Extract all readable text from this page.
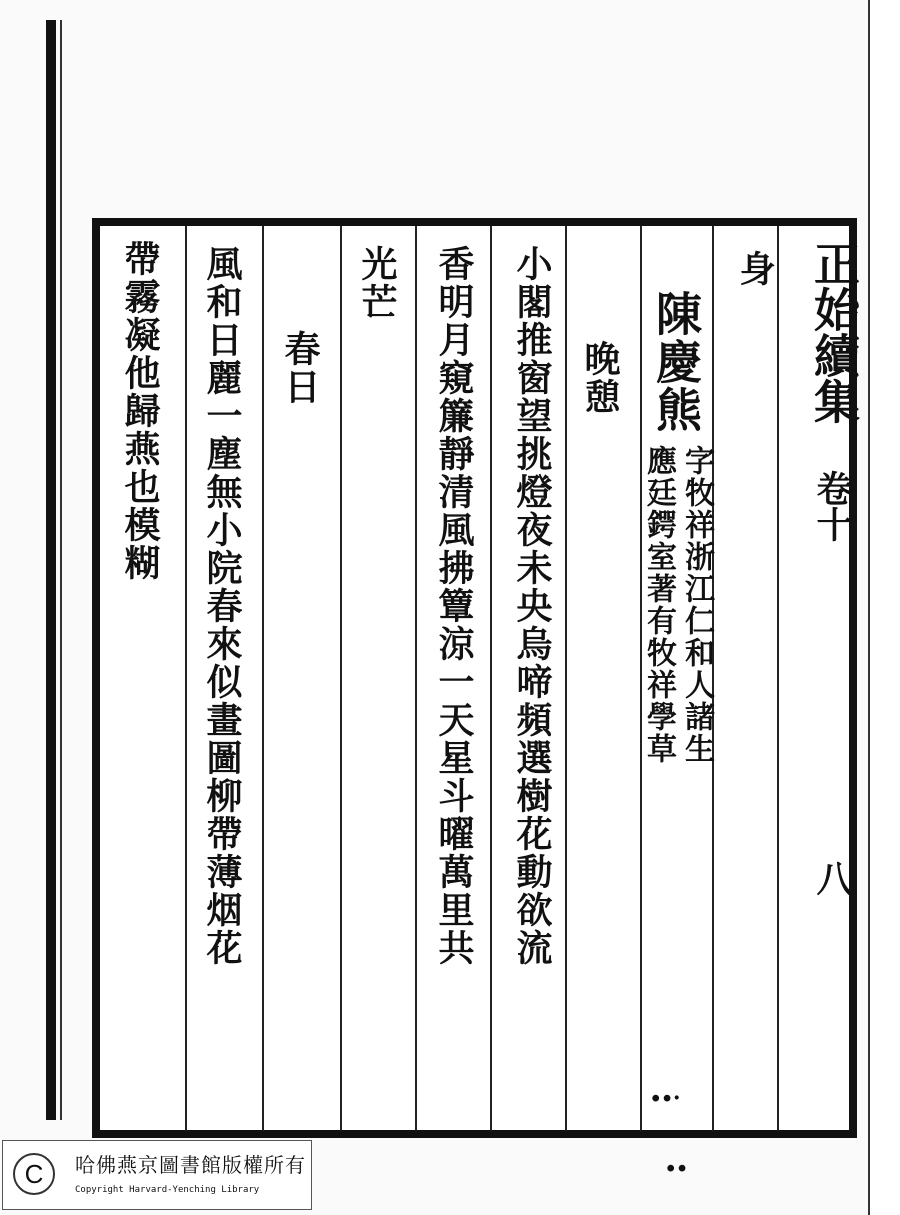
正始續集
卷十
八
身
陳慶熊
字牧祥浙江仁和人諸生
應廷鍔室著有牧祥學草
晚憩
小閣推窗望挑燈夜未央烏啼頻選樹花動欲流
香明月窺簾靜清風拂簟涼一天星斗曜萬里共
光芒
春日
風和日麗一塵無小院春來似畫圖柳帶薄烟花
帶霧凝他歸燕也模糊
∙∙·
∙∙
C	哈佛燕京圖書館版權所有
Copyright Harvard-Yenching Library
